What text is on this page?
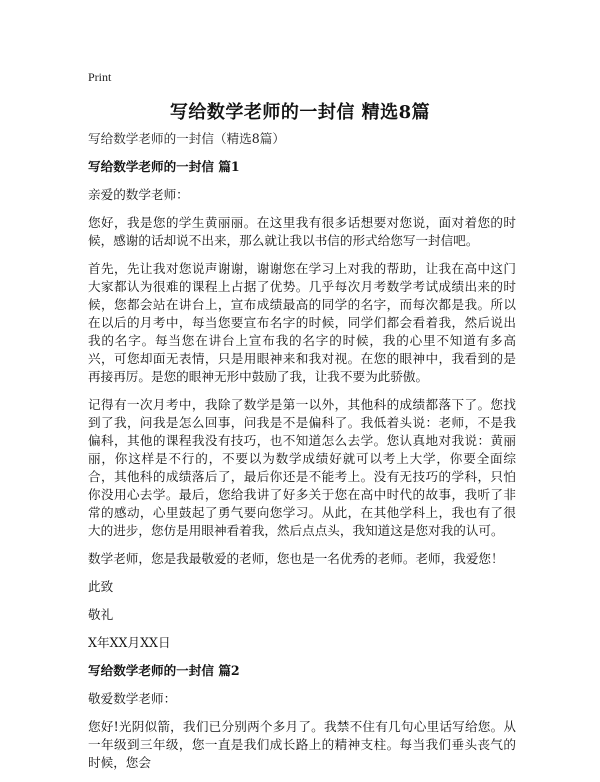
Print
写给数学老师的一封信 精选8篇

写给数学老师的一封信（精选8篇）

写给数学老师的一封信 篇1

亲爱的数学老师：

您好，我是您的学生黄丽丽。在这里我有很多话想要对您说，面对着您的时候，感谢的话却说不出来，那么就让我以书信的形式给您写一封信吧。

首先，先让我对您说声谢谢，谢谢您在学习上对我的帮助，让我在高中这门大家都认为很难的课程上占据了优势。几乎每次月考数学考试成绩出来的时候，您都会站在讲台上，宣布成绩最高的同学的名字，而每次都是我。所以在以后的月考中，每当您要宣布名字的时候，同学们都会看着我，然后说出我的名字。每当您在讲台上宣布我的名字的时候，我的心里不知道有多高兴，可您却面无表情，只是用眼神来和我对视。在您的眼神中，我看到的是再接再厉。是您的眼神无形中鼓励了我，让我不要为此骄傲。

记得有一次月考中，我除了数学是第一以外，其他科的成绩都落下了。您找到了我，问我是怎么回事，问我是不是偏科了。我低着头说：老师，不是我偏科，其他的课程我没有技巧，也不知道怎么去学。您认真地对我说：黄丽丽，你这样是不行的，不要以为数学成绩好就可以考上大学，你要全面综合，其他科的成绩落后了，最后你还是不能考上。没有无技巧的学科，只怕你没用心去学。最后，您给我讲了好多关于您在高中时代的故事，我听了非常的感动，心里鼓起了勇气要向您学习。从此，在其他学科上，我也有了很大的进步，您仿是用眼神看着我，然后点点头，我知道这是您对我的认可。

数学老师，您是我最敬爱的老师，您也是一名优秀的老师。老师，我爱您！

此致

敬礼

X年XX月XX日

写给数学老师的一封信 篇2

敬爱数学老师：

您好!光阴似箭，我们已分别两个多月了。我禁不住有几句心里话写给您。从一年级到三年级，您一直是我们成长路上的精神支柱。每当我们垂头丧气的时候，您会
